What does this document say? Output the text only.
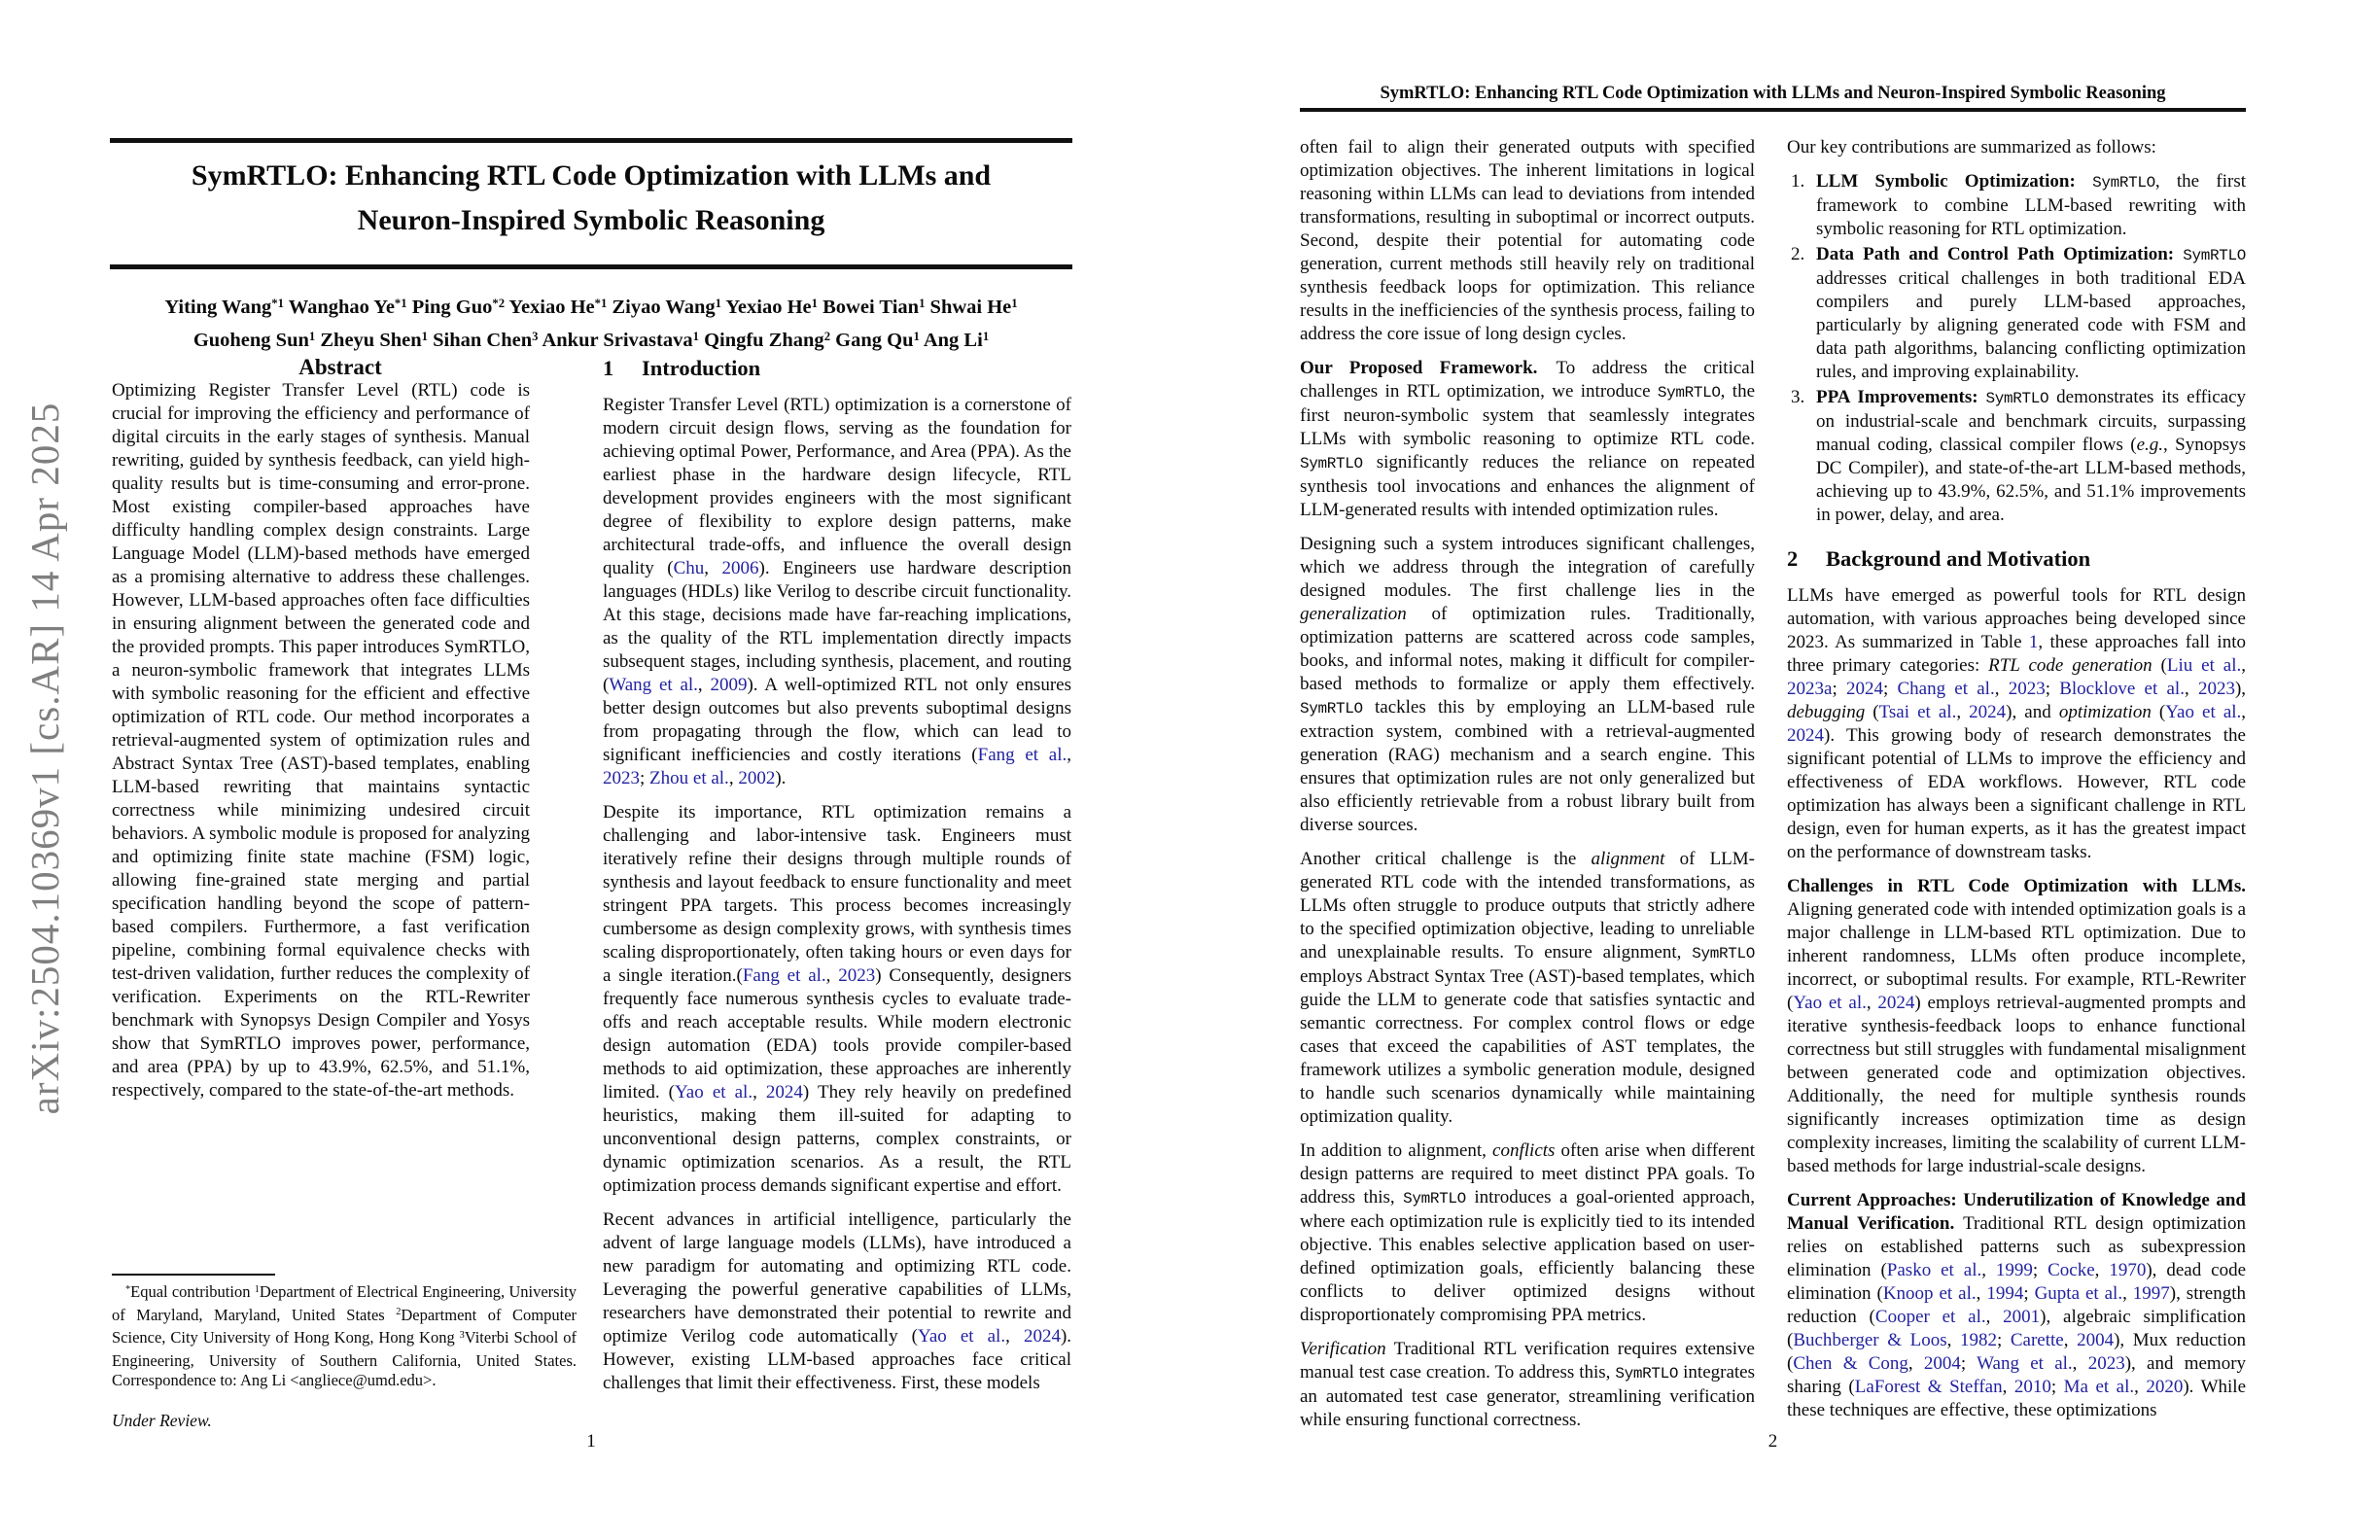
arXiv:2504.10369v1 [cs.AR] 14 Apr 2025
SymRTLO: Enhancing RTL Code Optimization with LLMs and
Neuron-Inspired Symbolic Reasoning
Yiting Wang$^{*1}$ Wanghao Ye$^{*1}$ Ping Guo$^{*2}$ Yexiao He$^{*1}$ Ziyao Wang$^1$ Yexiao He$^1$ Bowei Tian$^1$ Shwai He$^1$
Guoheng Sun$^1$ Zheyu Shen$^1$ Sihan Chen$^3$ Ankur Srivastava$^1$ Qingfu Zhang$^2$ Gang Qu$^1$ Ang Li$^1$
Abstract

Optimizing Register Transfer Level (RTL) code is crucial for improving the efficiency and performance of digital circuits in the early stages of synthesis. Manual rewriting, guided by synthesis feedback, can yield high-quality results but is time-consuming and error-prone. Most existing compiler-based approaches have difficulty handling complex design constraints. Large Language Model (LLM)-based methods have emerged as a promising alternative to address these challenges. However, LLM-based approaches often face difficulties in ensuring alignment between the generated code and the provided prompts. This paper introduces SymRTLO, a neuron-symbolic framework that integrates LLMs with symbolic reasoning for the efficient and effective optimization of RTL code. Our method incorporates a retrieval-augmented system of optimization rules and Abstract Syntax Tree (AST)-based templates, enabling LLM-based rewriting that maintains syntactic correctness while minimizing undesired circuit behaviors. A symbolic module is proposed for analyzing and optimizing finite state machine (FSM) logic, allowing fine-grained state merging and partial specification handling beyond the scope of pattern-based compilers. Furthermore, a fast verification pipeline, combining formal equivalence checks with test-driven validation, further reduces the complexity of verification. Experiments on the RTL-Rewriter benchmark with Synopsys Design Compiler and Yosys show that SymRTLO improves power, performance, and area (PPA) by up to 43.9%, 62.5%, and 51.1%, respectively, compared to the state-of-the-art methods.

*Equal contribution $^1$Department of Electrical Engineering, University of Maryland, Maryland, United States $^2$Department of Computer Science, City University of Hong Kong, Hong Kong $^3$Viterbi School of Engineering, University of Southern California, United States. Correspondence to: Ang Li <angliece@umd.edu>.

Under Review.

1 Introduction

Register Transfer Level (RTL) optimization is a cornerstone of modern circuit design flows, serving as the foundation for achieving optimal Power, Performance, and Area (PPA). As the earliest phase in the hardware design lifecycle, RTL development provides engineers with the most significant degree of flexibility to explore design patterns, make architectural trade-offs, and influence the overall design quality (Chu, 2006). Engineers use hardware description languages (HDLs) like Verilog to describe circuit functionality. At this stage, decisions made have far-reaching implications, as the quality of the RTL implementation directly impacts subsequent stages, including synthesis, placement, and routing (Wang et al., 2009). A well-optimized RTL not only ensures better design outcomes but also prevents suboptimal designs from propagating through the flow, which can lead to significant inefficiencies and costly iterations (Fang et al., 2023; Zhou et al., 2002).

Despite its importance, RTL optimization remains a challenging and labor-intensive task. Engineers must iteratively refine their designs through multiple rounds of synthesis and layout feedback to ensure functionality and meet stringent PPA targets. This process becomes increasingly cumbersome as design complexity grows, with synthesis times scaling disproportionately, often taking hours or even days for a single iteration.(Fang et al., 2023) Consequently, designers frequently face numerous synthesis cycles to evaluate trade-offs and reach acceptable results. While modern electronic design automation (EDA) tools provide compiler-based methods to aid optimization, these approaches are inherently limited. (Yao et al., 2024) They rely heavily on predefined heuristics, making them ill-suited for adapting to unconventional design patterns, complex constraints, or dynamic optimization scenarios. As a result, the RTL optimization process demands significant expertise and effort.

Recent advances in artificial intelligence, particularly the advent of large language models (LLMs), have introduced a new paradigm for automating and optimizing RTL code. Leveraging the powerful generative capabilities of LLMs, researchers have demonstrated their potential to rewrite and optimize Verilog code automatically (Yao et al., 2024). However, existing LLM-based approaches face critical challenges that limit their effectiveness. First, these models

1
SymRTLO: Enhancing RTL Code Optimization with LLMs and Neuron-Inspired Symbolic Reasoning

often fail to align their generated outputs with specified optimization objectives. The inherent limitations in logical reasoning within LLMs can lead to deviations from intended transformations, resulting in suboptimal or incorrect outputs. Second, despite their potential for automating code generation, current methods still heavily rely on traditional synthesis feedback loops for optimization. This reliance results in the inefficiencies of the synthesis process, failing to address the core issue of long design cycles.

Our Proposed Framework. To address the critical challenges in RTL optimization, we introduce SymRTLO, the first neuron-symbolic system that seamlessly integrates LLMs with symbolic reasoning to optimize RTL code. SymRTLO significantly reduces the reliance on repeated synthesis tool invocations and enhances the alignment of LLM-generated results with intended optimization rules.

Designing such a system introduces significant challenges, which we address through the integration of carefully designed modules. The first challenge lies in the generalization of optimization rules. Traditionally, optimization patterns are scattered across code samples, books, and informal notes, making it difficult for compiler-based methods to formalize or apply them effectively. SymRTLO tackles this by employing an LLM-based rule extraction system, combined with a retrieval-augmented generation (RAG) mechanism and a search engine. This ensures that optimization rules are not only generalized but also efficiently retrievable from a robust library built from diverse sources.

Another critical challenge is the alignment of LLM-generated RTL code with the intended transformations, as LLMs often struggle to produce outputs that strictly adhere to the specified optimization objective, leading to unreliable and unexplainable results. To ensure alignment, SymRTLO employs Abstract Syntax Tree (AST)-based templates, which guide the LLM to generate code that satisfies syntactic and semantic correctness. For complex control flows or edge cases that exceed the capabilities of AST templates, the framework utilizes a symbolic generation module, designed to handle such scenarios dynamically while maintaining optimization quality.

In addition to alignment, conflicts often arise when different design patterns are required to meet distinct PPA goals. To address this, SymRTLO introduces a goal-oriented approach, where each optimization rule is explicitly tied to its intended objective. This enables selective application based on user-defined optimization goals, efficiently balancing these conflicts to deliver optimized designs without disproportionately compromising PPA metrics.

Verification Traditional RTL verification requires extensive manual test case creation. To address this, SymRTLO integrates an automated test case generator, streamlining verification while ensuring functional correctness.

Our key contributions are summarized as follows:

1. LLM Symbolic Optimization: SymRTLO, the first framework to combine LLM-based rewriting with symbolic reasoning for RTL optimization.
2. Data Path and Control Path Optimization: SymRTLO addresses critical challenges in both traditional EDA compilers and purely LLM-based approaches, particularly by aligning generated code with FSM and data path algorithms, balancing conflicting optimization rules, and improving explainability.
3. PPA Improvements: SymRTLO demonstrates its efficacy on industrial-scale and benchmark circuits, surpassing manual coding, classical compiler flows (e.g., Synopsys DC Compiler), and state-of-the-art LLM-based methods, achieving up to 43.9%, 62.5%, and 51.1% improvements in power, delay, and area.
2 Background and Motivation

LLMs have emerged as powerful tools for RTL design automation, with various approaches being developed since 2023. As summarized in Table 1, these approaches fall into three primary categories: RTL code generation (Liu et al., 2023a; 2024; Chang et al., 2023; Blocklove et al., 2023), debugging (Tsai et al., 2024), and optimization (Yao et al., 2024). This growing body of research demonstrates the significant potential of LLMs to improve the efficiency and effectiveness of EDA workflows. However, RTL code optimization has always been a significant challenge in RTL design, even for human experts, as it has the greatest impact on the performance of downstream tasks.

Challenges in RTL Code Optimization with LLMs. Aligning generated code with intended optimization goals is a major challenge in LLM-based RTL optimization. Due to inherent randomness, LLMs often produce incomplete, incorrect, or suboptimal results. For example, RTL-Rewriter (Yao et al., 2024) employs retrieval-augmented prompts and iterative synthesis-feedback loops to enhance functional correctness but still struggles with fundamental misalignment between generated code and optimization objectives. Additionally, the need for multiple synthesis rounds significantly increases optimization time as design complexity increases, limiting the scalability of current LLM-based methods for large industrial-scale designs.

Current Approaches: Underutilization of Knowledge and Manual Verification. Traditional RTL design optimization relies on established patterns such as subexpression elimination (Pasko et al., 1999; Cocke, 1970), dead code elimination (Knoop et al., 1994; Gupta et al., 1997), strength reduction (Cooper et al., 2001), algebraic simplification (Buchberger & Loos, 1982; Carette, 2004), Mux reduction (Chen & Cong, 2004; Wang et al., 2023), and memory sharing (LaForest & Steffan, 2010; Ma et al., 2020). While these techniques are effective, these optimizations

2
